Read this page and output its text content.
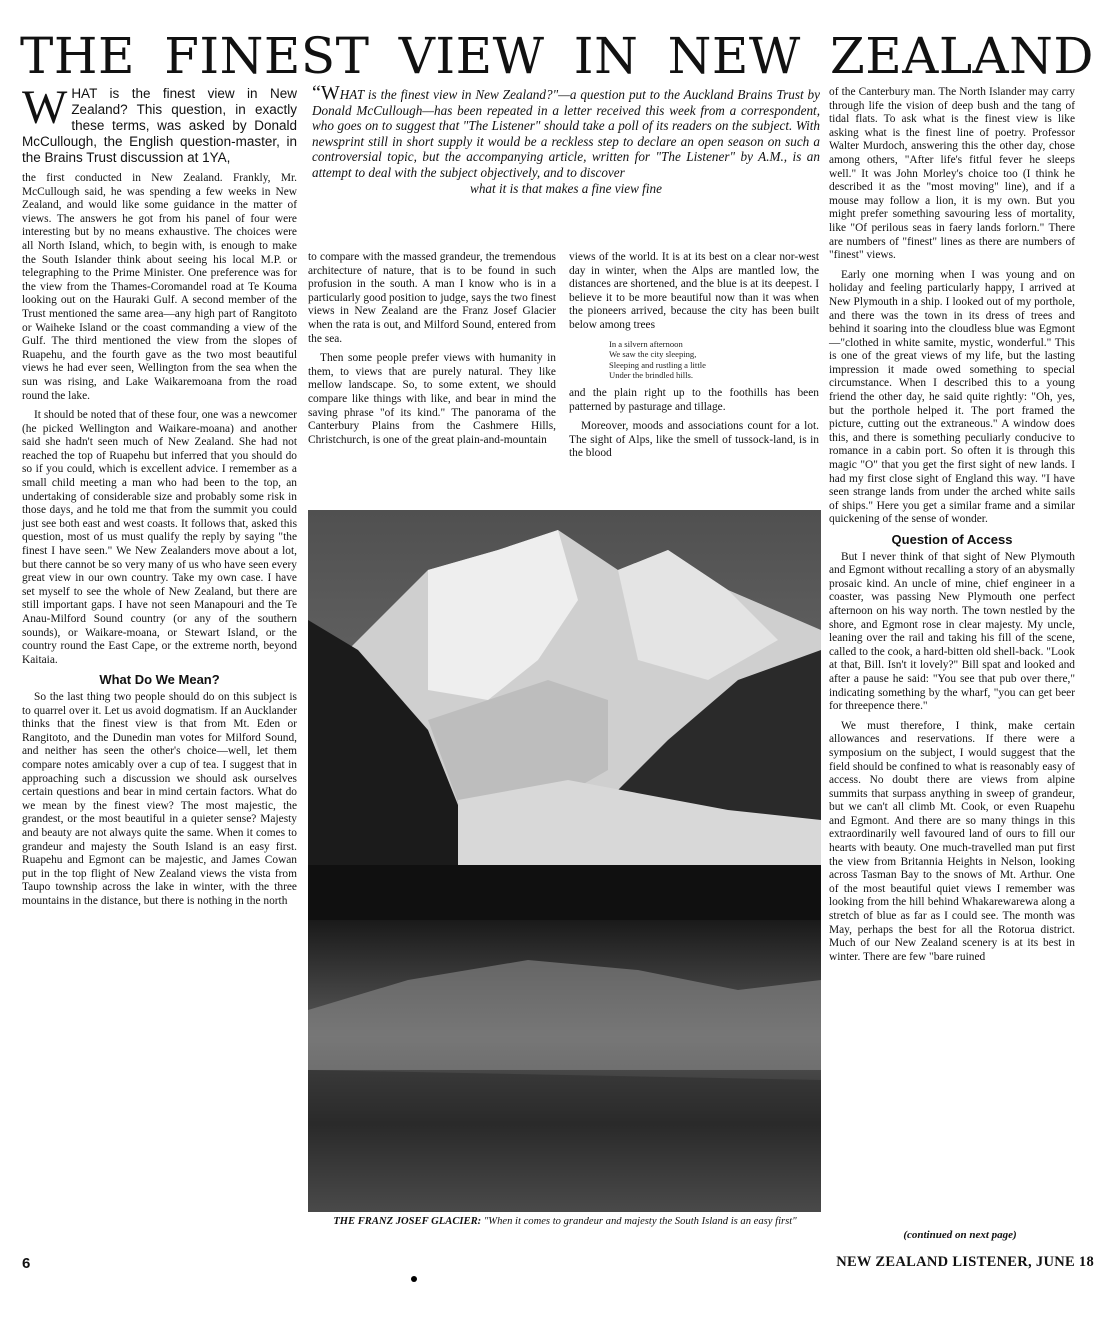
THE FINEST VIEW IN NEW ZEALAND

WHAT is the finest view in New Zealand? This question, in exactly these terms, was asked by Donald McCullough, the English question-master, in the Brains Trust discussion at 1YA,

the first conducted in New Zealand. Frankly, Mr. McCullough said, he was spending a few weeks in New Zealand, and would like some guidance in the matter of views. The answers he got from his panel of four were interesting but by no means exhaustive. The choices were all North Island, which, to begin with, is enough to make the South Islander think about seeing his local M.P. or telegraphing to the Prime Minister. One preference was for the view from the Thames-Coromandel road at Te Kouma looking out on the Hauraki Gulf. A second member of the Trust mentioned the same area—any high part of Rangitoto or Waiheke Island or the coast commanding a view of the Gulf. The third mentioned the view from the slopes of Ruapehu, and the fourth gave as the two most beautiful views he had ever seen, Wellington from the sea when the sun was rising, and Lake Waikaremoana from the road round the lake.

It should be noted that of these four, one was a newcomer (he picked Wellington and Waikare-moana) and another said she hadn't seen much of New Zealand. She had not reached the top of Ruapehu but inferred that you should do so if you could, which is excellent advice. I remember as a small child meeting a man who had been to the top, an undertaking of considerable size and probably some risk in those days, and he told me that from the summit you could just see both east and west coasts. It follows that, asked this question, most of us must qualify the reply by saying "the finest I have seen." We New Zealanders move about a lot, but there cannot be so very many of us who have seen every great view in our own country. Take my own case. I have set myself to see the whole of New Zealand, but there are still important gaps. I have not seen Manapouri and the Te Anau-Milford Sound country (or any of the southern sounds), or Waikare-moana, or Stewart Island, or the country round the East Cape, or the extreme north, beyond Kaitaia.

What Do We Mean?

So the last thing two people should do on this subject is to quarrel over it. Let us avoid dogmatism. If an Aucklander thinks that the finest view is that from Mt. Eden or Rangitoto, and the Dunedin man votes for Milford Sound, and neither has seen the other's choice—well, let them compare notes amicably over a cup of tea. I suggest that in approaching such a discussion we should ask ourselves certain questions and bear in mind certain factors. What do we mean by the finest view? The most majestic, the grandest, or the most beautiful in a quieter sense? Majesty and beauty are not always quite the same. When it comes to grandeur and majesty the South Island is an easy first. Ruapehu and Egmont can be majestic, and James Cowan put in the top flight of New Zealand views the vista from Taupo township across the lake in winter, with the three mountains in the distance, but there is nothing in the north

“WHAT is the finest view in New Zealand?"—a question put to the Auckland Brains Trust by Donald McCullough—has been repeated in a letter received this week from a correspondent, who goes on to suggest that "The Listener" should take a poll of its readers on the subject. With newsprint still in short supply it would be a reckless step to declare an open season on such a controversial topic, but the accompanying article, written for "The Listener" by A.M., is an attempt to deal with the subject objectively, and to discover
what it is that makes a fine view fine

to compare with the massed grandeur, the tremendous architecture of nature, that is to be found in such profusion in the south. A man I know who is in a particularly good position to judge, says the two finest views in New Zealand are the Franz Josef Glacier when the rata is out, and Milford Sound, entered from the sea.

Then some people prefer views with humanity in them, to views that are purely natural. They like mellow landscape. So, to some extent, we should compare like things with like, and bear in mind the saving phrase "of its kind." The panorama of the Canterbury Plains from the Cashmere Hills, Christchurch, is one of the great plain-and-mountain

views of the world. It is at its best on a clear nor-west day in winter, when the Alps are mantled low, the distances are shortened, and the blue is at its deepest. I believe it to be more beautiful now than it was when the pioneers arrived, because the city has been built below among trees

In a silvern afternoon
We saw the city sleeping,
Sleeping and rustling a little
Under the brindled hills.

and the plain right up to the foothills has been patterned by pasturage and tillage.

Moreover, moods and associations count for a lot. The sight of Alps, like the smell of tussock-land, is in the blood

THE FRANZ JOSEF GLACIER: "When it comes to grandeur and majesty the South Island is an easy first"

of the Canterbury man. The North Islander may carry through life the vision of deep bush and the tang of tidal flats. To ask what is the finest view is like asking what is the finest line of poetry. Professor Walter Murdoch, answering this the other day, chose among others, "After life's fitful fever he sleeps well." It was John Morley's choice too (I think he described it as the "most moving" line), and if a mouse may follow a lion, it is my own. But you might prefer something savouring less of mortality, like "Of perilous seas in faery lands forlorn." There are numbers of "finest" lines as there are numbers of "finest" views.

Early one morning when I was young and on holiday and feeling particularly happy, I arrived at New Plymouth in a ship. I looked out of my porthole, and there was the town in its dress of trees and behind it soaring into the cloudless blue was Egmont—"clothed in white samite, mystic, wonderful." This is one of the great views of my life, but the lasting impression it made owed something to special circumstance. When I described this to a young friend the other day, he said quite rightly: "Oh, yes, but the porthole helped it. The port framed the picture, cutting out the extraneous." A window does this, and there is something peculiarly conducive to romance in a cabin port. So often it is through this magic "O" that you get the first sight of new lands. I had my first close sight of England this way. "I have seen strange lands from under the arched white sails of ships." Here you get a similar frame and a similar quickening of the sense of wonder.

Question of Access

But I never think of that sight of New Plymouth and Egmont without recalling a story of an abysmally prosaic kind. An uncle of mine, chief engineer in a coaster, was passing New Plymouth one perfect afternoon on his way north. The town nestled by the shore, and Egmont rose in clear majesty. My uncle, leaning over the rail and taking his fill of the scene, called to the cook, a hard-bitten old shell-back. "Look at that, Bill. Isn't it lovely?" Bill spat and looked and after a pause he said: "You see that pub over there," indicating something by the wharf, "you can get beer for threepence there."

We must therefore, I think, make certain allowances and reservations. If there were a symposium on the subject, I would suggest that the field should be confined to what is reasonably easy of access. No doubt there are views from alpine summits that surpass anything in sweep of grandeur, but we can't all climb Mt. Cook, or even Ruapehu and Egmont. And there are so many things in this extraordinarily well favoured land of ours to fill our hearts with beauty. One much-travelled man put first the view from Britannia Heights in Nelson, looking across Tasman Bay to the snows of Mt. Arthur. One of the most beautiful quiet views I remember was looking from the hill behind Whakarewarewa along a stretch of blue as far as I could see. The month was May, perhaps the best for all the Rotorua district. Much of our New Zealand scenery is at its best in winter. There are few "bare ruined

(continued on next page)
6	NEW ZEALAND LISTENER, JUNE 18
